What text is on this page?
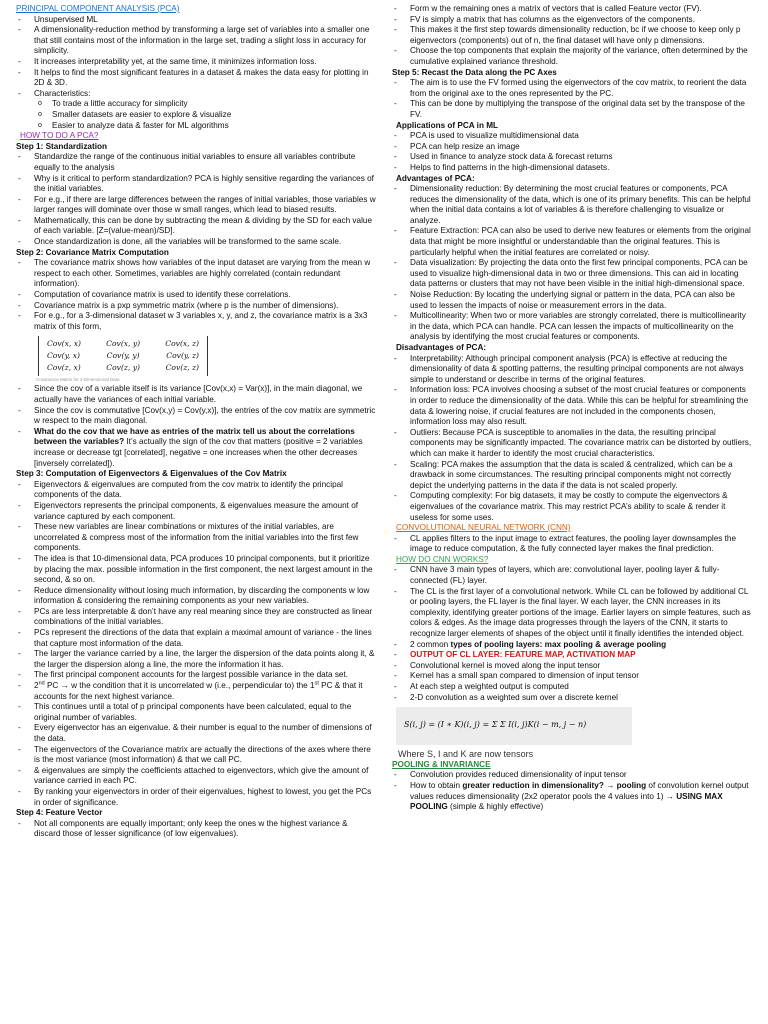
PRINCIPAL COMPONENT ANALYSIS (PCA)
- Unsupervised ML
- A dimensionality-reduction method by transforming a large set of variables into a smaller one that still contains most of the information in the large set, trading a slight loss in accuracy for simplicity.
- It increases interpretability yet, at the same time, it minimizes information loss.
- It helps to find the most significant features in a dataset & makes the data easy for plotting in 2D & 3D.
- Characteristics:
o To trade a little accuracy for simplicity
o Smaller datasets are easier to explore & visualize
o Easier to analyze data & faster for ML algorithms
HOW TO DO A PCA?
Step 1: Standardization
- Standardize the range of the continuous initial variables to ensure all variables contribute equally to the analysis
- Why is it critical to perform standardization? PCA is highly sensitive regarding the variances of the initial variables.
- For e.g., if there are large differences between the ranges of initial variables, those variables w larger ranges will dominate over those w small ranges, which lead to biased results.
- Mathematically, this can be done by subtracting the mean & dividing by the SD for each value of each variable. [Z=(value-mean)/SD].
- Once standardization is done, all the variables will be transformed to the same scale.
Step 2: Covariance Matrix Computation
- The covariance matrix shows how variables of the input dataset are varying from the mean w respect to each other. Sometimes, variables are highly correlated (contain redundant information).
- Computation of covariance matrix is used to identify these correlations.
- Covariance matrix is a pxp symmetric matrix (where p is the number of dimensions).
- For e.g., for a 3-dimensional dataset w 3 variables x, y, and z, the covariance matrix is a 3x3 matrix of this form,
Cov(x, x)	Cov(x, y)	Cov(x, z)
Cov(y, x)	Cov(y, y)	Cov(y, z)
Cov(z, x)	Cov(z, y)	Cov(z, z)
Covariance Matrix for 3-Dimensional Data
- Since the cov of a variable itself is its variance [Cov(x,x) = Var(x)], in the main diagonal, we actually have the variances of each initial variable.
- Since the cov is commutative [Cov(x,y) = Cov(y,x)], the entries of the cov matrix are symmetric w respect to the main diagonal.
- What do the cov that we have as entries of the matrix tell us about the correlations between the variables? It’s actually the sign of the cov that matters (positive = 2 variables increase or decrease tgt [correlated], negative = one increases when the other decreases [inversely correlated]).
Step 3: Computation of Eigenvectors & Eigenvalues of the Cov Matrix
- Eigenvectors & eigenvalues are computed from the cov matrix to identify the principal components of the data.
- Eigenvectors represents the principal components, & eigenvalues measure the amount of variance captured by each component.
- These new variables are linear combinations or mixtures of the initial variables, are uncorrelated & compress most of the information from the initial variables into the first few components.
- The idea is that 10-dimensional data, PCA produces 10 principal components, but it prioritize by placing the max. possible information in the first component, the next largest amount in the second, & so on.
- Reduce dimensionality without losing much information, by discarding the components w low information & considering the remaining components as your new variables.
- PCs are less interpretable & don’t have any real meaning since they are constructed as linear combinations of the initial variables.
- PCs represent the directions of the data that explain a maximal amount of variance - the lines that capture most information of the data.
- The larger the variance carried by a line, the larger the dispersion of the data points along it, & the larger the dispersion along a line, the more the information it has.
- The first principal component accounts for the largest possible variance in the data set.
- 2nd PC → w the condition that it is uncorrelated w (i.e., perpendicular to) the 1st PC & that it accounts for the next highest variance.
- This continues until a total of p principal components have been calculated, equal to the original number of variables.
- Every eigenvector has an eigenvalue. & their number is equal to the number of dimensions of the data.
- The eigenvectors of the Covariance matrix are actually the directions of the axes where there is the most variance (most information) & that we call PC.
- & eigenvalues are simply the coefficients attached to eigenvectors, which give the amount of variance carried in each PC.
- By ranking your eigenvectors in order of their eigenvalues, highest to lowest, you get the PCs in order of significance.
Step 4: Feature Vector
- Not all components are equally important; only keep the ones w the highest variance & discard those of lesser significance (of low eigenvalues).
- Form w the remaining ones a matrix of vectors that is called Feature vector (FV).
- FV is simply a matrix that has columns as the eigenvectors of the components.
- This makes it the first step towards dimensionality reduction, bc if we choose to keep only p eigenvectors (components) out of n, the final dataset will have only p dimensions.
- Choose the top components that explain the majority of the variance, often determined by the cumulative explained variance threshold.
Step 5: Recast the Data along the PC Axes
- The aim is to use the FV formed using the eigenvectors of the cov matrix, to reorient the data from the original axe to the ones represented by the PC.
- This can be done by multiplying the transpose of the original data set by the transpose of the FV.
Applications of PCA in ML
- PCA is used to visualize multidimensional data
- PCA can help resize an image
- Used in finance to analyze stock data & forecast returns
- Helps to find patterns in the high-dimensional datasets.
Advantages of PCA:
- Dimensionality reduction: By determining the most crucial features or components, PCA reduces the dimensionality of the data, which is one of its primary benefits. This can be helpful when the initial data contains a lot of variables & is therefore challenging to visualize or analyze.
- Feature Extraction: PCA can also be used to derive new features or elements from the original data that might be more insightful or understandable than the original features. This is particularly helpful when the initial features are correlated or noisy.
- Data visualization: By projecting the data onto the first few principal components, PCA can be used to visualize high-dimensional data in two or three dimensions. This can aid in locating data patterns or clusters that may not have been visible in the initial high-dimensional space.
- Noise Reduction: By locating the underlying signal or pattern in the data, PCA can also be used to lessen the impacts of noise or measurement errors in the data.
- Multicollinearity: When two or more variables are strongly correlated, there is multicollinearity in the data, which PCA can handle. PCA can lessen the impacts of multicollinearity on the analysis by identifying the most crucial features or components.
Disadvantages of PCA:
- Interpretability: Although principal component analysis (PCA) is effective at reducing the dimensionality of data & spotting patterns, the resulting principal components are not always simple to understand or describe in terms of the original features.
- Information loss: PCA involves choosing a subset of the most crucial features or components in order to reduce the dimensionality of the data. While this can be helpful for streamlining the data & lowering noise, if crucial features are not included in the components chosen, information loss may also result.
- Outliers: Because PCA is susceptible to anomalies in the data, the resulting principal components may be significantly impacted. The covariance matrix can be distorted by outliers, which can make it harder to identify the most crucial characteristics.
- Scaling: PCA makes the assumption that the data is scaled & centralized, which can be a drawback in some circumstances. The resulting principal components might not correctly depict the underlying patterns in the data if the data is not scaled properly.
- Computing complexity: For big datasets, it may be costly to compute the eigenvectors & eigenvalues of the covariance matrix. This may restrict PCA’s ability to scale & render it useless for some uses.
CONVOLUTIONAL NEURAL NETWORK (CNN)
- CL applies filters to the input image to extract features, the pooling layer downsamples the image to reduce computation, & the fully connected layer makes the final prediction.
HOW DO CNN WORKS?
- CNN have 3 main types of layers, which are: convolutional layer, pooling layer & fully-connected (FL) layer.
- The CL is the first layer of a convolutional network. While CL can be followed by additional CL or pooling layers, the FL layer is the final layer. W each layer, the CNN increases in its complexity, identifying greater portions of the image. Earlier layers on simple features, such as colors & edges. As the image data progresses through the layers of the CNN, it starts to recognize larger elements of shapes of the object until it finally identifies the intended object.
- 2 common types of pooling layers: max pooling & average pooling
- OUTPUT OF CL LAYER: FEATURE MAP, ACTIVATION MAP
- Convolutional kernel is moved along the input tensor
- Kernel has a small span compared to dimension of input tensor
- At each step a weighted output is computed
- 2-D convolution as a weighted sum over a discrete kernel
S(i, j) = (I ∗ K)(i, j) = Σ Σ I(i, j)K(i − m, j − n)
Where S, I and K are now tensors
POOLING & INVARIANCE
- Convolution provides reduced dimensionality of input tensor
- How to obtain greater reduction in dimensionality? → pooling of convolution kernel output values reduces dimensionality (2x2 operator pools the 4 values into 1) → USING MAX POOLING (simple & highly effective)
